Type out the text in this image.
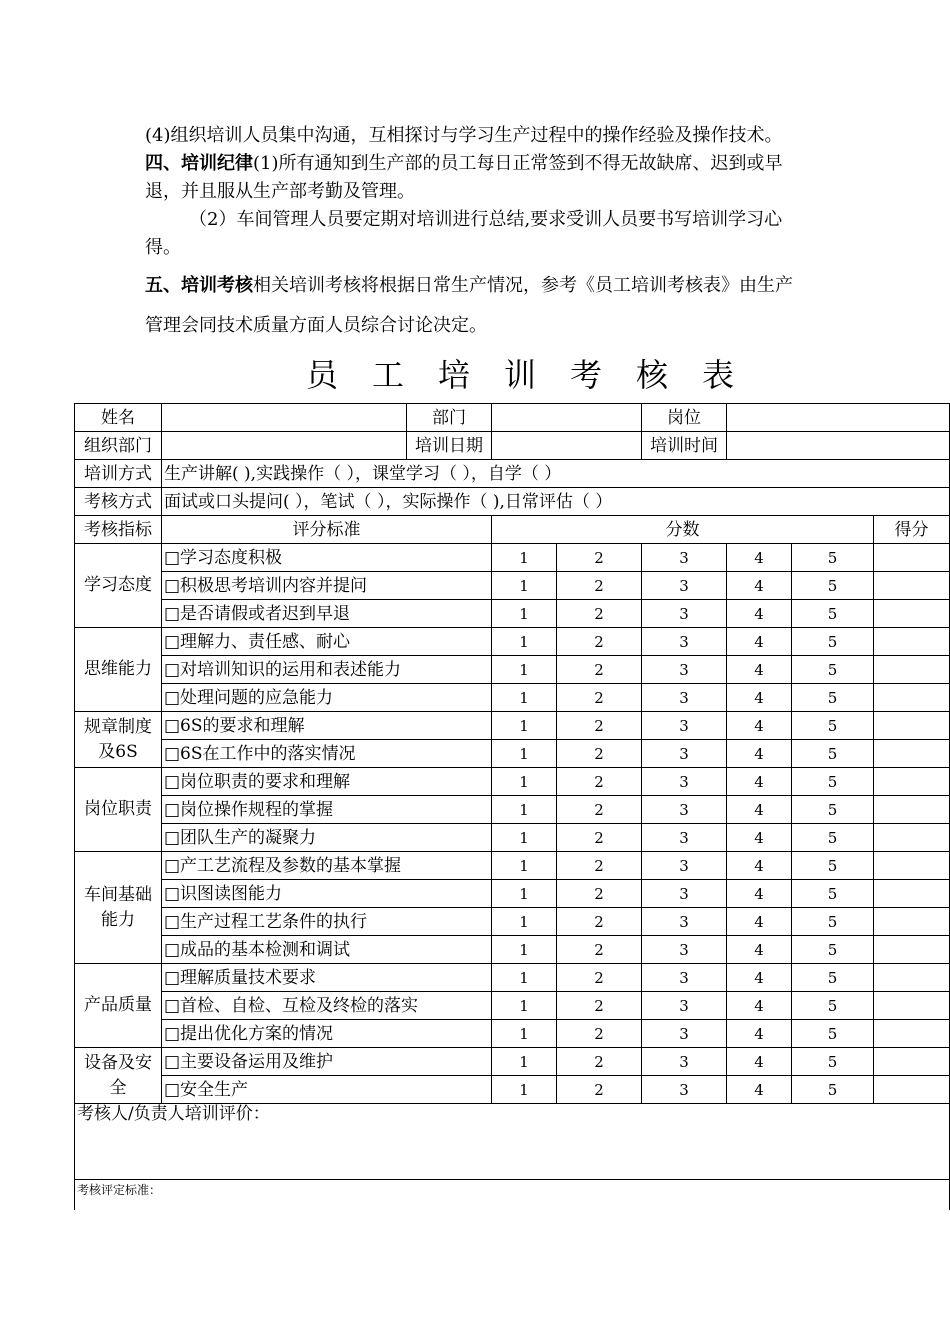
(4)组织培训人员集中沟通，互相探讨与学习生产过程中的操作经验及操作技术。四、培训纪律(1)所有通知到生产部的员工每日正常签到不得无故缺席、迟到或早退，并且服从生产部考勤及管理。

（2）车间管理人员要定期对培训进行总结,要求受训人员要书写培训学习心得。

五、培训考核相关培训考核将根据日常生产情况，参考《员工培训考核表》由生产管理会同技术质量方面人员综合讨论决定。

员工培训考核表
姓名		部门			岗位			
组织部门		培训日期			培训时间			
培训方式	生产讲解( ),实践操作（ ），课堂学习（ ），自学（ ）							
考核方式	面试或口头提问( ），笔试（ ），实际操作（ ),日常评估（ ）							
考核指标	评分标准		分数					得分
学习态度	□学习态度积极		1	2	3	4	5	
	□积极思考培训内容并提问		1	2	3	4	5	
	□是否请假或者迟到早退		1	2	3	4	5	
思维能力	□理解力、责任感、耐心		1	2	3	4	5	
	□对培训知识的运用和表述能力		1	2	3	4	5	
	□处理问题的应急能力		1	2	3	4	5	
规章制度及6S	□6S的要求和理解		1	2	3	4	5	
	□6S在工作中的落实情况		1	2	3	4	5	
岗位职责	□岗位职责的要求和理解		1	2	3	4	5	
	□岗位操作规程的掌握		1	2	3	4	5	
	□团队生产的凝聚力		1	2	3	4	5	
车间基础能力	□产工艺流程及参数的基本掌握		1	2	3	4	5	
	□识图读图能力		1	2	3	4	5	
	□生产过程工艺条件的执行		1	2	3	4	5	
	□成品的基本检测和调试		1	2	3	4	5	
产品质量	□理解质量技术要求		1	2	3	4	5	
	□首检、自检、互检及终检的落实		1	2	3	4	5	
	□提出优化方案的情况		1	2	3	4	5	
设备及安全	□主要设备运用及维护		1	2	3	4	5	
	□安全生产		1	2	3	4	5	
考核人/负责人培训评价：								
考核评定标准：								
